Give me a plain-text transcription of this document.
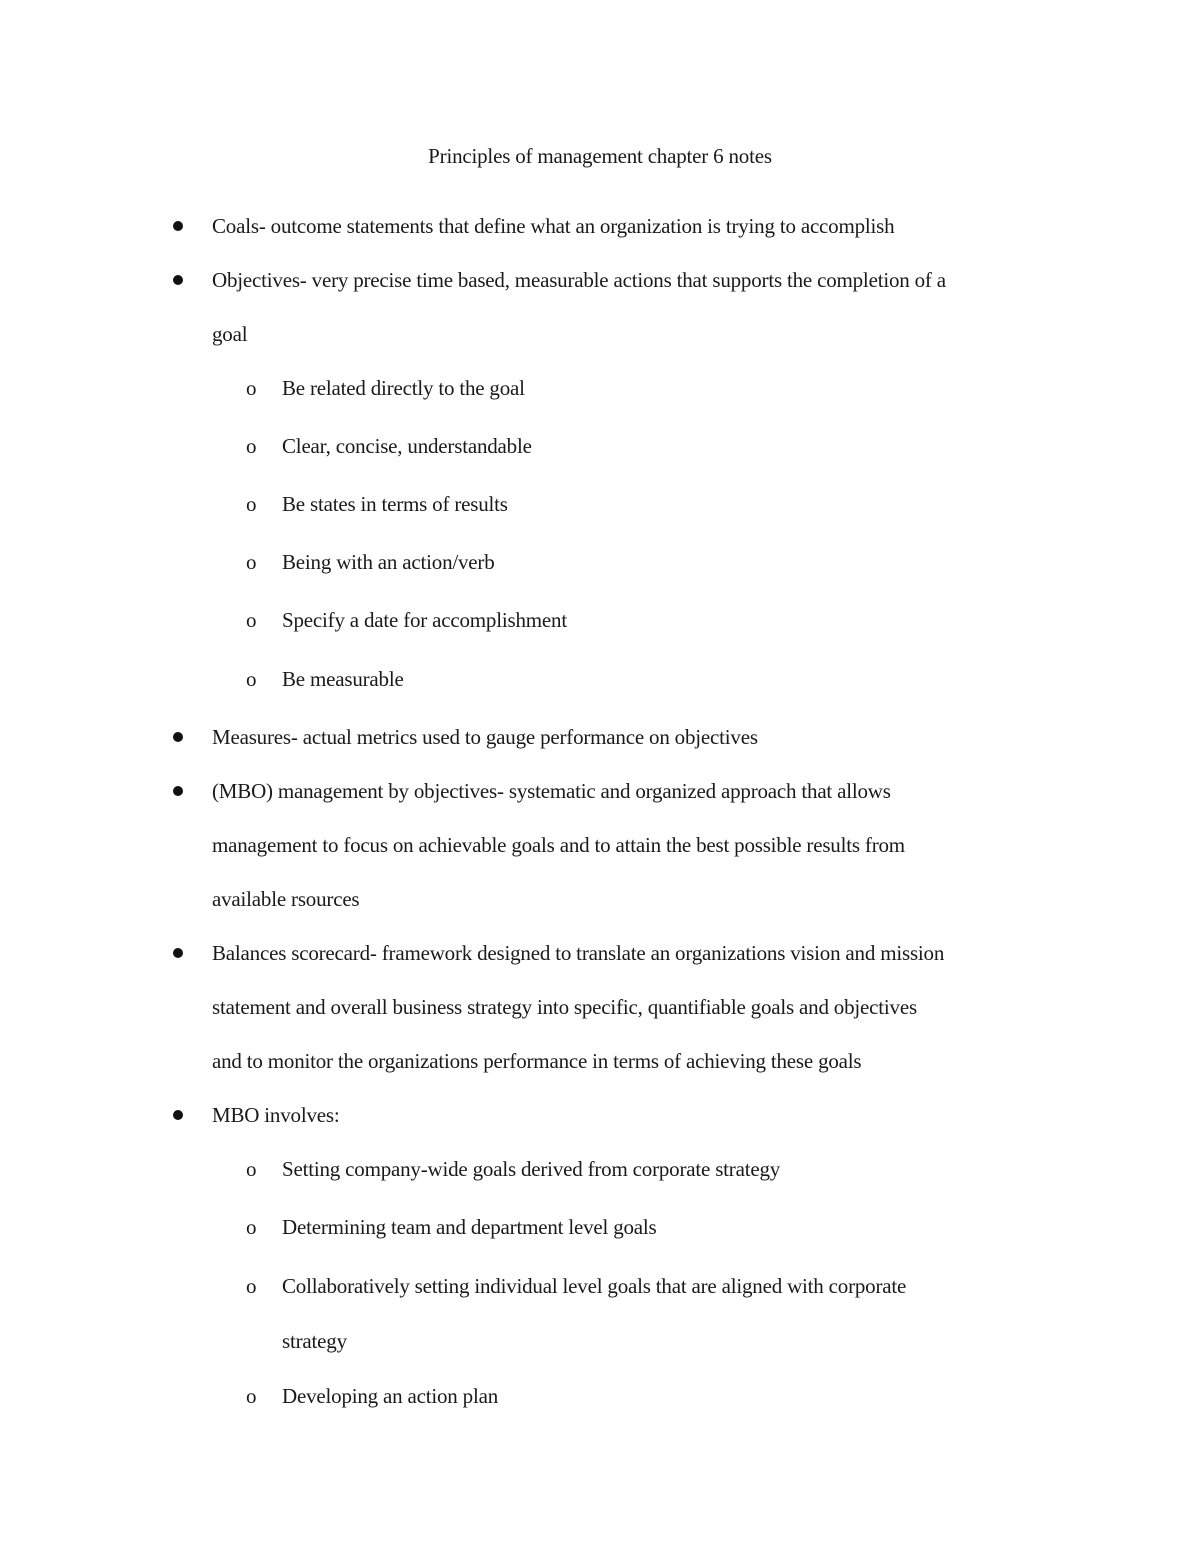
Principles of management chapter 6 notes
Coals- outcome statements that define what an organization is trying to accomplish
Objectives- very precise time based, measurable actions that supports the completion of a
goal
o Be related directly to the goal
o Clear, concise, understandable
o Be states in terms of results
o Being with an action/verb
o Specify a date for accomplishment
o Be measurable
Measures- actual metrics used to gauge performance on objectives
(MBO) management by objectives- systematic and organized approach that allows
management to focus on achievable goals and to attain the best possible results from
available rsources
Balances scorecard- framework designed to translate an organizations vision and mission
statement and overall business strategy into specific, quantifiable goals and objectives
and to monitor the organizations performance in terms of achieving these goals
MBO involves:
o Setting company-wide goals derived from corporate strategy
o Determining team and department level goals
o Collaboratively setting individual level goals that are aligned with corporate
strategy
o Developing an action plan
